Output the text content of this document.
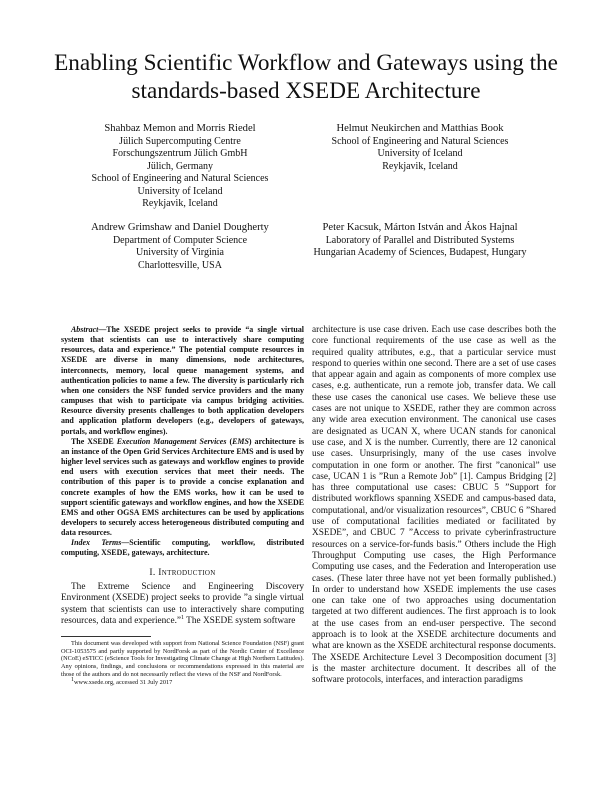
Enabling Scientific Workflow and Gateways using the standards-based XSEDE Architecture
Shahbaz Memon and Morris Riedel
Jülich Supercomputing Centre
Forschungszentrum Jülich GmbH
Jülich, Germany
School of Engineering and Natural Sciences
University of Iceland
Reykjavik, Iceland
Helmut Neukirchen and Matthias Book
School of Engineering and Natural Sciences
University of Iceland
Reykjavik, Iceland
Andrew Grimshaw and Daniel Dougherty
Department of Computer Science
University of Virginia
Charlottesville, USA
Peter Kacsuk, Márton István and Ákos Hajnal
Laboratory of Parallel and Distributed Systems
Hungarian Academy of Sciences, Budapest, Hungary

Abstract—The XSEDE project seeks to provide “a single virtual system that scientists can use to interactively share computing resources, data and experience.” The potential compute resources in XSEDE are diverse in many dimensions, node architectures, interconnects, memory, local queue management systems, and authentication policies to name a few. The diversity is particularly rich when one considers the NSF funded service providers and the many campuses that wish to participate via campus bridging activities. Resource diversity presents challenges to both application developers and application platform developers (e.g., developers of gateways, portals, and workflow engines).

The XSEDE Execution Management Services (EMS) architecture is an instance of the Open Grid Services Architecture EMS and is used by higher level services such as gateways and workflow engines to provide end users with execution services that meet their needs. The contribution of this paper is to provide a concise explanation and concrete examples of how the EMS works, how it can be used to support scientific gateways and workflow engines, and how the XSEDE EMS and other OGSA EMS architectures can be used by applications developers to securely access heterogeneous distributed computing and data resources.

Index Terms—Scientific computing, workflow, distributed computing, XSEDE, gateways, architecture.

I. Introduction

The Extreme Science and Engineering Discovery Environment (XSEDE) project seeks to provide ”a single virtual system that scientists can use to interactively share computing resources, data and experience.”$^1$ The XSEDE system software

This document was developed with support from National Science Foundation (NSF) grant OCI-1053575 and partly supported by NordForsk as part of the Nordic Center of Excellence (NCoE) eSTICC (eScience Tools for Investigating Climate Change at High Northern Latitudes). Any opinions, findings, and conclusions or recommendations expressed in this material are those of the authors and do not necessarily reflect the views of the NSF and NordForsk.

$^1$www.xsede.org, accessed 31 July 2017

architecture is use case driven. Each use case describes both the core functional requirements of the use case as well as the required quality attributes, e.g., that a particular service must respond to queries within one second. There are a set of use cases that appear again and again as components of more complex use cases, e.g. authenticate, run a remote job, transfer data. We call these use cases the canonical use cases. We believe these use cases are not unique to XSEDE, rather they are common across any wide area execution environment. The canonical use cases are designated as UCAN X, where UCAN stands for canonical use case, and X is the number. Currently, there are 12 canonical use cases. Unsurprisingly, many of the use cases involve computation in one form or another. The first ”canonical” use case, UCAN 1 is ”Run a Remote Job” [1]. Campus Bridging [2] has three computational use cases: CBUC 5 ”Support for distributed workflows spanning XSEDE and campus-based data, computational, and/or visualization resources”, CBUC 6 ”Shared use of computational facilities mediated or facilitated by XSEDE”, and CBUC 7 ”Access to private cyberinfrastructure resources on a service-for-funds basis.” Others include the High Throughput Computing use cases, the High Performance Computing use cases, and the Federation and Interoperation use cases. (These later three have not yet been formally published.) In order to understand how XSEDE implements the use cases one can take one of two approaches using documentation targeted at two different audiences. The first approach is to look at the use cases from an end-user perspective. The second approach is to look at the XSEDE architecture documents and what are known as the XSEDE architectural response documents. The XSEDE Architecture Level 3 Decomposition document [3] is the master architecture document. It describes all of the software protocols, interfaces, and interaction paradigms
